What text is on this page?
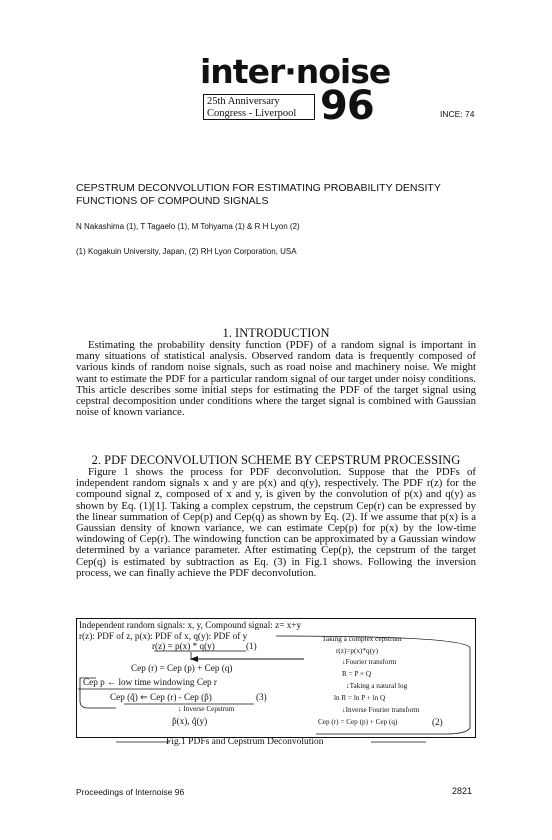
inter·noise
25th Anniversary
Congress - Liverpool 96	INCE: 74
CEPSTRUM DECONVOLUTION FOR ESTIMATING PROBABILITY DENSITY FUNCTIONS OF COMPOUND SIGNALS
N Nakashima (1), T Tagaelo (1), M Tohyama (1) & R H Lyon (2)
(1) Kogakuin University, Japan, (2) RH Lyon Corporation, USA
1. INTRODUCTION
Estimating the probability density function (PDF) of a random signal is important in many situations of statistical analysis. Observed random data is frequently composed of various kinds of random noise signals, such as road noise and machinery noise. We might want to estimate the PDF for a particular random signal of our target under noisy conditions. This article describes some initial steps for estimating the PDF of the target signal using cepstral decomposition under conditions where the target signal is combined with Gaussian noise of known variance.
2. PDF DECONVOLUTION SCHEME BY CEPSTRUM PROCESSING
Figure 1 shows the process for PDF deconvolution. Suppose that the PDFs of independent random signals x and y are p(x) and q(y), respectively. The PDF r(z) for the compound signal z, composed of x and y, is given by the convolution of p(x) and q(y) as shown by Eq. (1)[1]. Taking a complex cepstrum, the cepstrum Cep(r) can be expressed by the linear summation of Cep(p) and Cep(q) as shown by Eq. (2). If we assume that p(x) is a Gaussian density of known variance, we can estimate Cep(p) for p(x) by the low-time windowing of Cep(r). The windowing function can be approximated by a Gaussian window determined by a variance parameter. After estimating Cep(p), the cepstrum of the target Cep(q) is estimated by subtraction as Eq. (3) in Fig.1 shows. Following the inversion process, we can finally achieve the PDF deconvolution.
Independent random signals: x, y, Compound signal: z= x+y
r(z): PDF of z, p(x): PDF of x, q(y): PDF of y
r(z) = p(x) * q(y)	(1)
Cep (r) = Cep (p) + Cep (q)
Cep p ← low time windowing Cep r
Cep (q̂) ⇐ Cep (r) - Cep (p̂)	(3)
↓ Inverse Cepstrum
p̂(x), q̂(y)
Taking a complex cepstrum
r(z)=p(x)*q(y)
↓Fourier transform
R = P × Q
↓Taking a natural log
ln R = ln P + ln Q
↓Inverse Fourier transform
Cep (r) = Cep (p) + Cep (q)	(2)
Fig.1 PDFs and Cepstrum Deconvolution
Proceedings of Internoise 96	2821
